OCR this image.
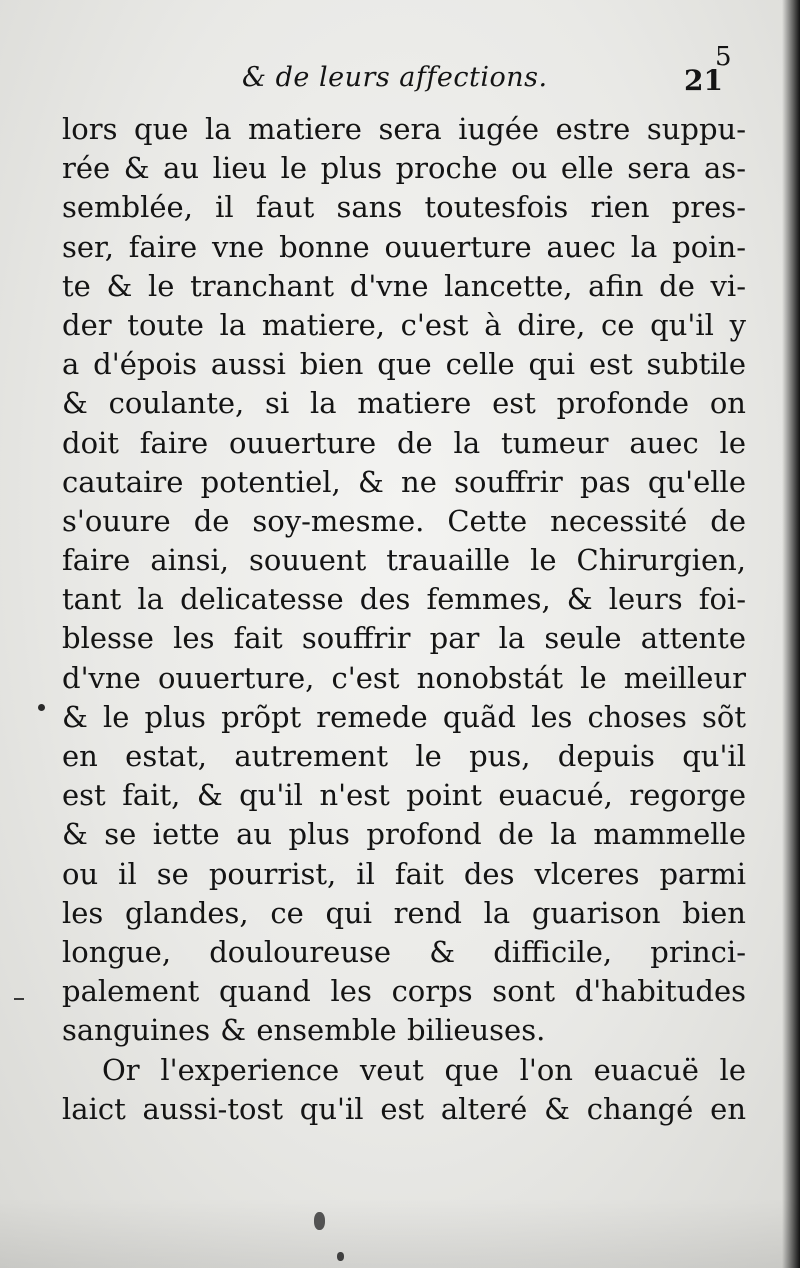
& de leurs affections.	21
5
lors que la matiere sera iugée estre suppu-
rée & au lieu le plus proche ou elle sera as-
semblée, il faut sans toutesfois rien pres-
ser, faire vne bonne ouuerture auec la poin-
te & le tranchant d'vne lancette, afin de vi-
der toute la matiere, c'est à dire, ce qu'il y
a d'épois aussi bien que celle qui est subtile
& coulante, si la matiere est profonde on
doit faire ouuerture de la tumeur auec le
cautaire potentiel, & ne souffrir pas qu'elle
s'ouure de soy-mesme. Cette necessité de
faire ainsi, souuent trauaille le Chirurgien,
tant la delicatesse des femmes, & leurs foi-
blesse les fait souffrir par la seule attente
d'vne ouuerture, c'est nonobstát le meilleur
& le plus prõpt remede quãd les choses sõt
en estat, autrement le pus, depuis qu'il
est fait, & qu'il n'est point euacué, regorge
& se iette au plus profond de la mammelle
ou il se pourrist, il fait des vlceres parmi
les glandes, ce qui rend la guarison bien
longue, douloureuse & difficile, princi-
palement quand les corps sont d'habitudes
sanguines & ensemble bilieuses.
Or l'experience veut que l'on euacuë le
laict aussi-tost qu'il est alteré & changé en
